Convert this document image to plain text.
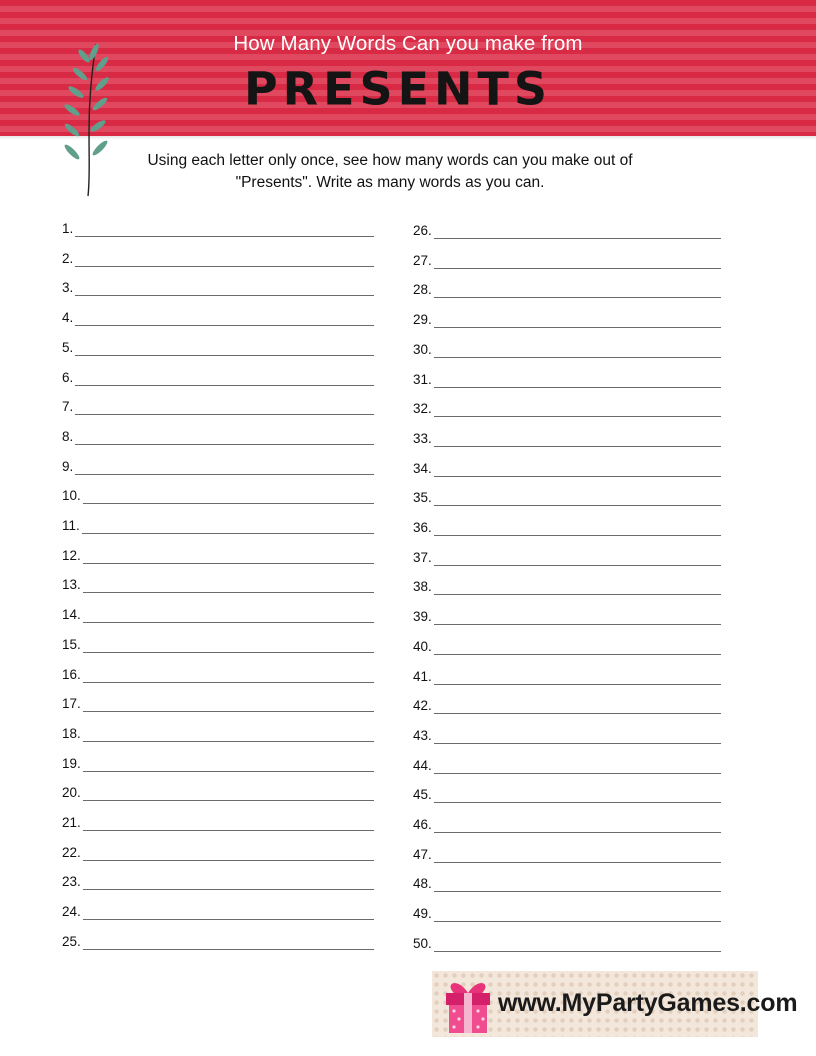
How Many Words Can you make from
PRESENTS
Using each letter only once, see how many words can you make out of
"Presents". Write as many words as you can.
1.
2.
3.
4.
5.
6.
7.
8.
9.
10.
11.
12.
13.
14.
15.
16.
17.
18.
19.
20.
21.
22.
23.
24.
25.
26.
27.
28.
29.
30.
31.
32.
33.
34.
35.
36.
37.
38.
39.
40.
41.
42.
43.
44.
45.
46.
47.
48.
49.
50.
www.MyPartyGames.com
